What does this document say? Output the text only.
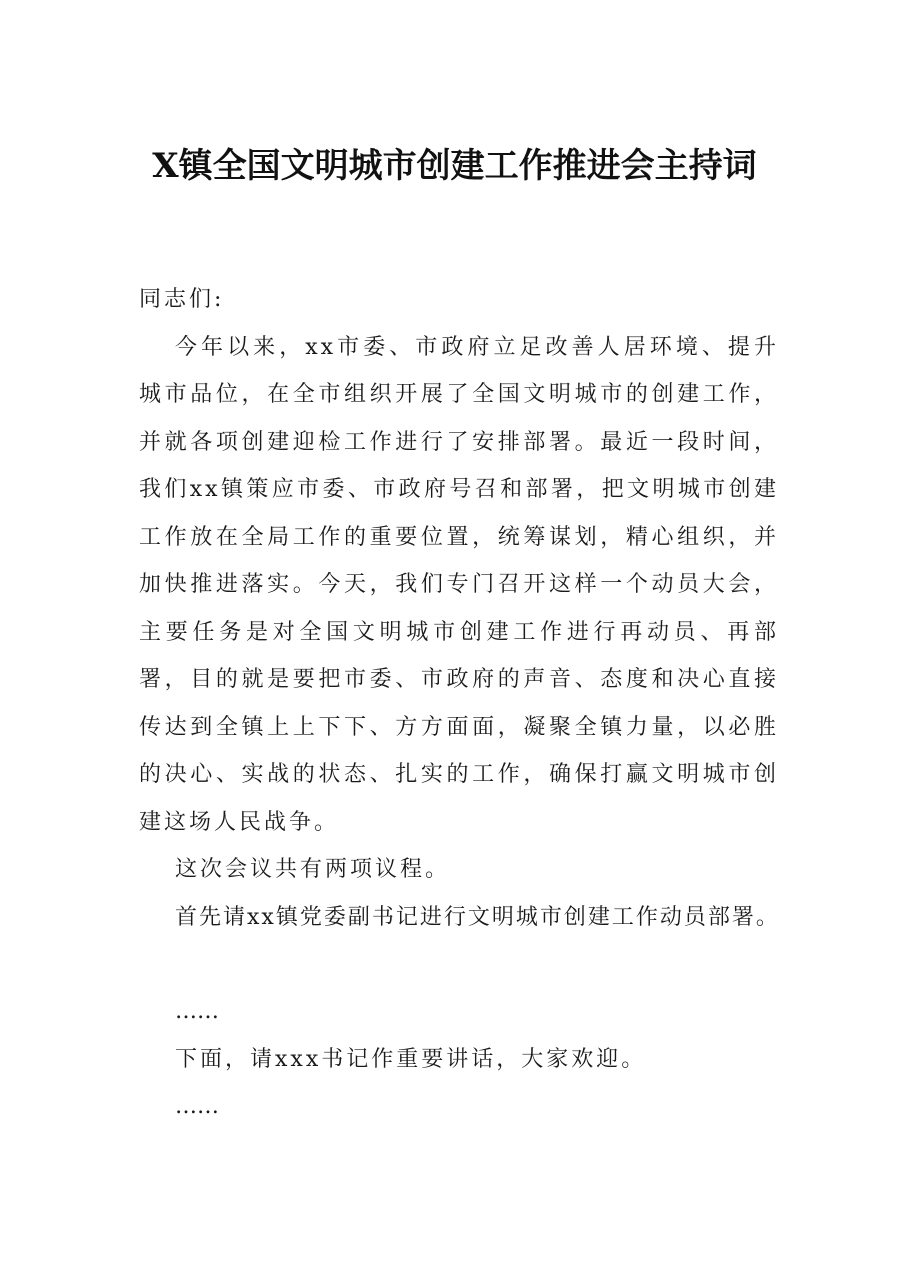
X镇全国文明城市创建工作推进会主持词

同志们:

今年以来，xx市委、市政府立足改善人居环境、提升城市品位，在全市组织开展了全国文明城市的创建工作，并就各项创建迎检工作进行了安排部署。最近一段时间，我们xx镇策应市委、市政府号召和部署，把文明城市创建工作放在全局工作的重要位置，统筹谋划，精心组织，并加快推进落实。今天，我们专门召开这样一个动员大会，主要任务是对全国文明城市创建工作进行再动员、再部署，目的就是要把市委、市政府的声音、态度和决心直接传达到全镇上上下下、方方面面，凝聚全镇力量，以必胜的决心、实战的状态、扎实的工作，确保打赢文明城市创建这场人民战争。

这次会议共有两项议程。

首先请xx镇党委副书记进行文明城市创建工作动员部署。

……

下面，请xxx书记作重要讲话，大家欢迎。

……
